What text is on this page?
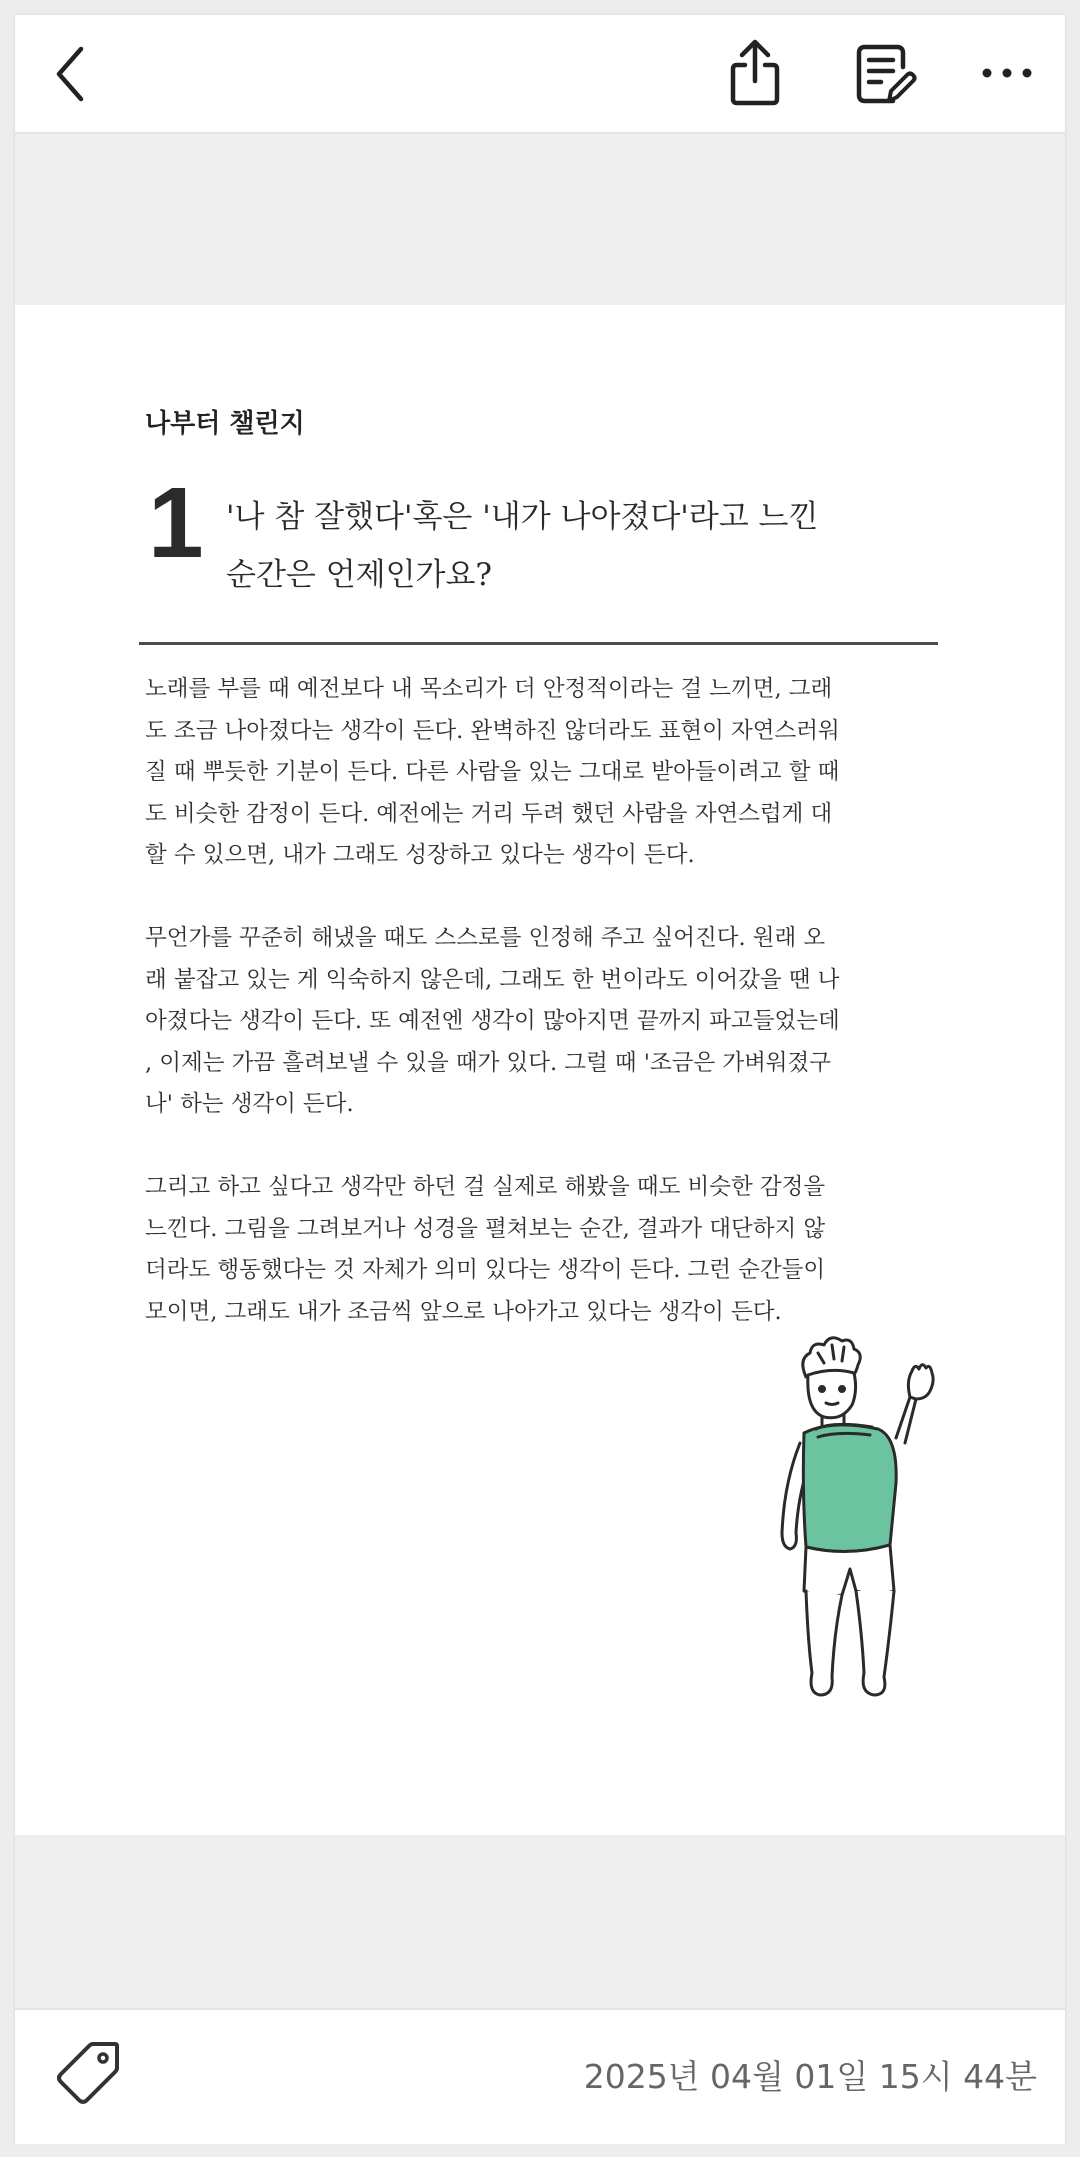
나부터 챌린지
1 '나 참 잘했다'혹은 '내가 나아졌다'라고 느낀
순간은 언제인가요?

노래를 부를 때 예전보다 내 목소리가 더 안정적이라는 걸 느끼면, 그래
도 조금 나아졌다는 생각이 든다. 완벽하진 않더라도 표현이 자연스러워
질 때 뿌듯한 기분이 든다. 다른 사람을 있는 그대로 받아들이려고 할 때
도 비슷한 감정이 든다. 예전에는 거리 두려 했던 사람을 자연스럽게 대
할 수 있으면, 내가 그래도 성장하고 있다는 생각이 든다.

무언가를 꾸준히 해냈을 때도 스스로를 인정해 주고 싶어진다. 원래 오
래 붙잡고 있는 게 익숙하지 않은데, 그래도 한 번이라도 이어갔을 땐 나
아졌다는 생각이 든다. 또 예전엔 생각이 많아지면 끝까지 파고들었는데
, 이제는 가끔 흘려보낼 수 있을 때가 있다. 그럴 때 '조금은 가벼워졌구
나' 하는 생각이 든다.

그리고 하고 싶다고 생각만 하던 걸 실제로 해봤을 때도 비슷한 감정을
느낀다. 그림을 그려보거나 성경을 펼쳐보는 순간, 결과가 대단하지 않
더라도 행동했다는 것 자체가 의미 있다는 생각이 든다. 그런 순간들이
모이면, 그래도 내가 조금씩 앞으로 나아가고 있다는 생각이 든다.

2025년 04월 01일 15시 44분
